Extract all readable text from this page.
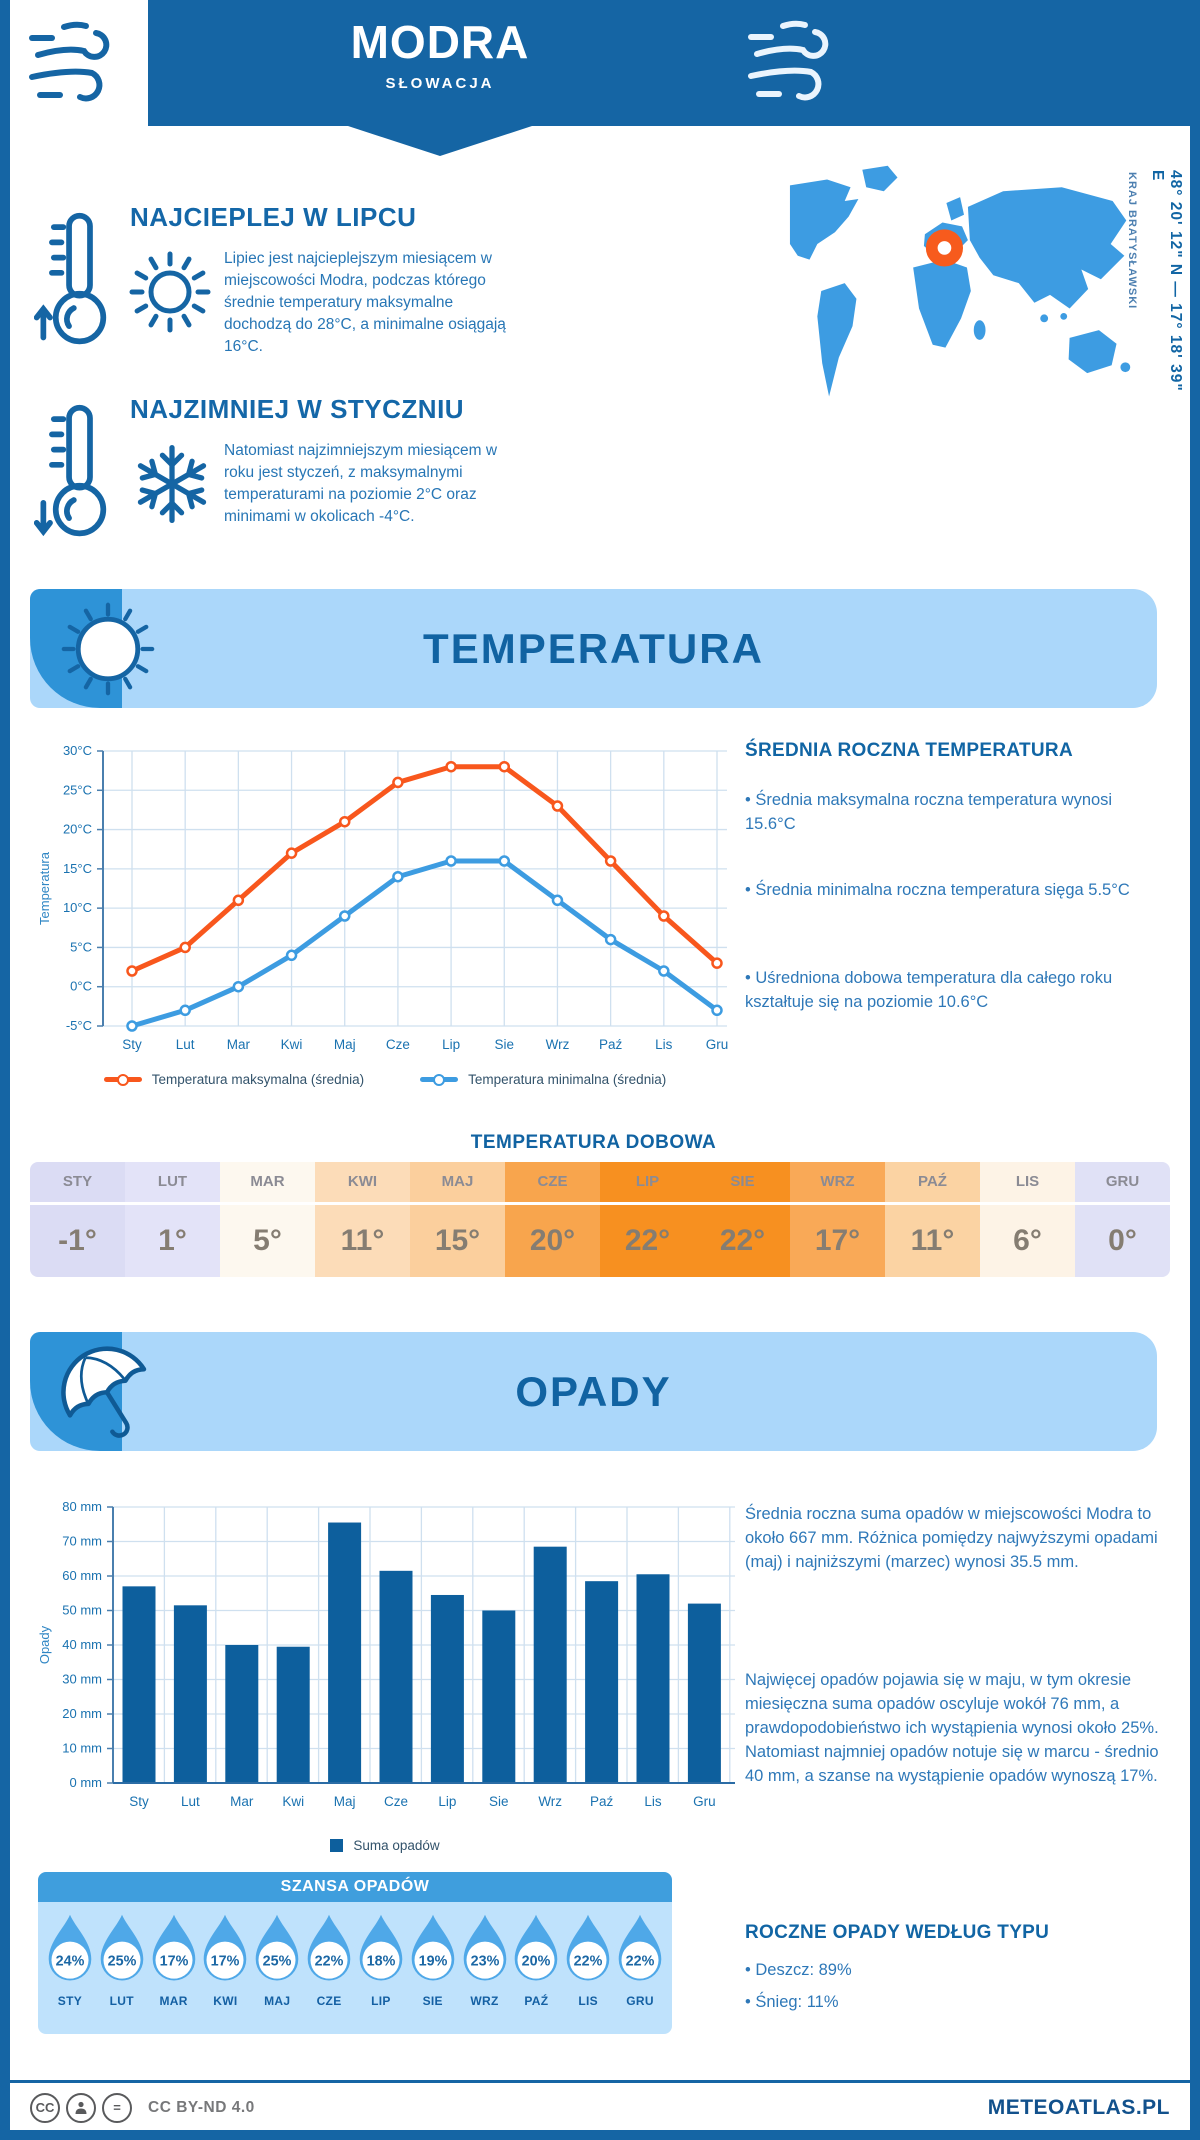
MODRA
SŁOWACJA
48° 20' 12" N — 17° 18' 39" E
KRAJ BRATYSŁAWSKI
NAJCIEPLEJ W LIPCU
Lipiec jest najcieplejszym miesiącem w miejscowości Modra, podczas którego średnie temperatury maksymalne dochodzą do 28°C, a minimalne osiągają 16°C.
NAJZIMNIEJ W STYCZNIU
Natomiast najzimniejszym miesiącem w roku jest styczeń, z maksymalnymi temperaturami na poziomie 2°C oraz minimami w okolicach -4°C.
TEMPERATURA
30°C
25°C
20°C
15°C
10°C
5°C
0°C
-5°C
Sty	Lut Mar Kwi Maj Cze Lip	Sie Wrz Paź Lis Gru
Temperatura
Temperatura maksymalna (średnia)	Temperatura minimalna (średnia)
ŚREDNIA ROCZNA TEMPERATURA
• Średnia maksymalna roczna temperatura wynosi 15.6°C
• Średnia minimalna roczna temperatura sięga 5.5°C
• Uśredniona dobowa temperatura dla całego roku kształtuje się na poziomie 10.6°C
TEMPERATURA DOBOWA
STY	LUT	MAR	KWI	MAJ	CZE	LIP	SIE	WRZ	PAŹ	LIS	GRU
-1°	1°	5°	11°	15°	20°	22°	22°	17°	11°	6°	0°
OPADY
80 mm
70 mm
60 mm
50 mm
40 mm
30 mm
20 mm
10 mm
0 mm
Sty Lut Mar Kwi Maj Cze Lip Sie Wrz Paź Lis Gru
Opady
Suma opadów
Średnia roczna suma opadów w miejscowości Modra to około 667 mm. Różnica pomiędzy najwyższymi opadami (maj) i najniższymi (marzec) wynosi 35.5 mm.
Najwięcej opadów pojawia się w maju, w tym okresie miesięczna suma opadów oscyluje wokół 76 mm, a prawdopodobieństwo ich wystąpienia wynosi około 25%. Natomiast najmniej opadów notuje się w marcu - średnio 40 mm, a szanse na wystąpienie opadów wynoszą 17%.
SZANSA OPADÓW
24%
STY
25%
LUT
17%
MAR
17%
KWI
25%
MAJ
22%
CZE
18%
LIP
19%
SIE
23%
WRZ
20%
PAŹ
22%
LIS
22%
GRU
ROCZNE OPADY WEDŁUG TYPU
• Deszcz: 89%
• Śnieg: 11%
CC	=	CC BY-ND 4.0	METEOATLAS.PL
